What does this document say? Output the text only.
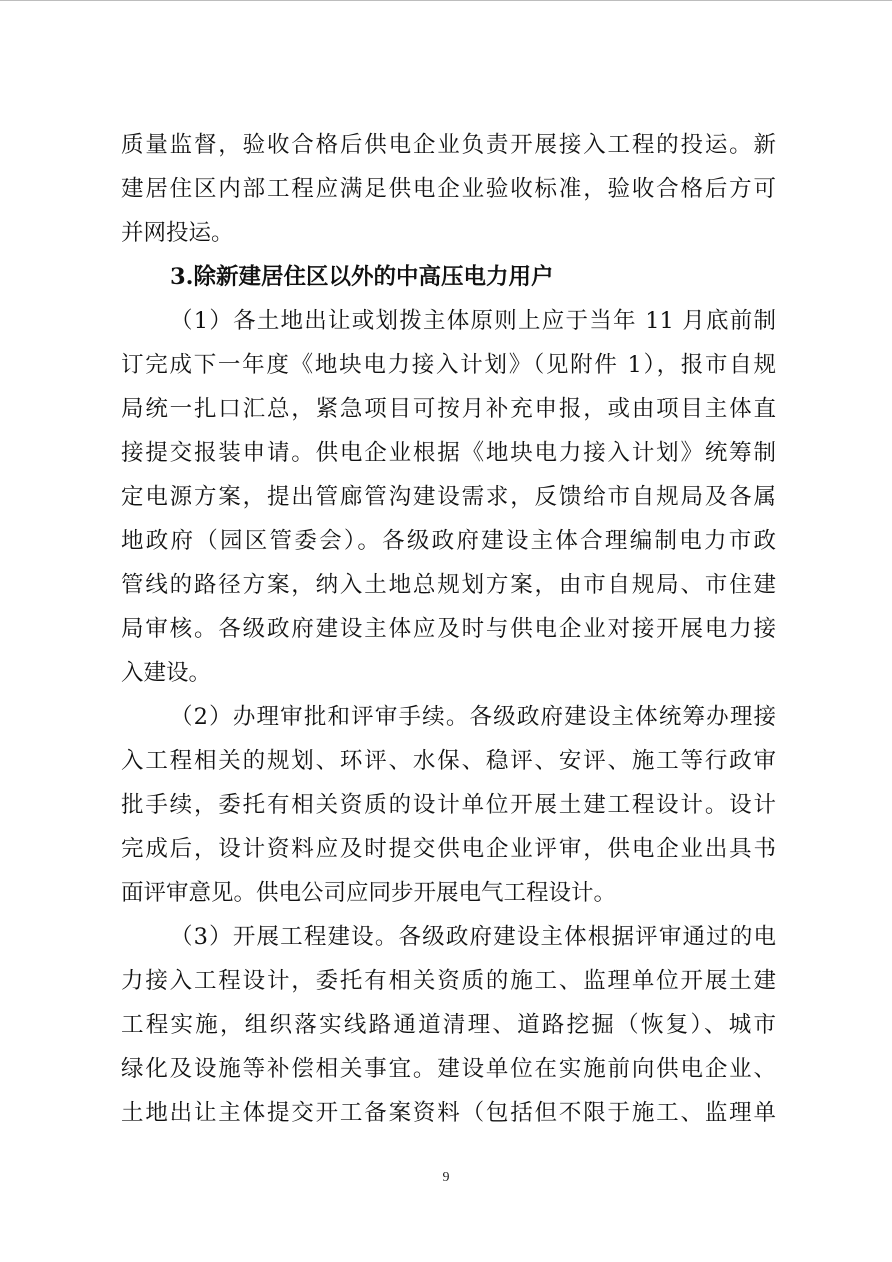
质量监督，验收合格后供电企业负责开展接入工程的投运。新
建居住区内部工程应满足供电企业验收标准，验收合格后方可
并网投运。
3.除新建居住区以外的中高压电力用户
（1）各土地出让或划拨主体原则上应于当年 11 月底前制
订完成下一年度《地块电力接入计划》（见附件 1），报市自规
局统一扎口汇总，紧急项目可按月补充申报，或由项目主体直
接提交报装申请。供电企业根据《地块电力接入计划》统筹制
定电源方案，提出管廊管沟建设需求，反馈给市自规局及各属
地政府（园区管委会）。各级政府建设主体合理编制电力市政
管线的路径方案，纳入土地总规划方案，由市自规局、市住建
局审核。各级政府建设主体应及时与供电企业对接开展电力接
入建设。
（2）办理审批和评审手续。各级政府建设主体统筹办理接
入工程相关的规划、环评、水保、稳评、安评、施工等行政审
批手续，委托有相关资质的设计单位开展土建工程设计。设计
完成后，设计资料应及时提交供电企业评审，供电企业出具书
面评审意见。供电公司应同步开展电气工程设计。
（3）开展工程建设。各级政府建设主体根据评审通过的电
力接入工程设计，委托有相关资质的施工、监理单位开展土建
工程实施，组织落实线路通道清理、道路挖掘（恢复）、城市
绿化及设施等补偿相关事宜。建设单位在实施前向供电企业、
土地出让主体提交开工备案资料（包括但不限于施工、监理单
9
